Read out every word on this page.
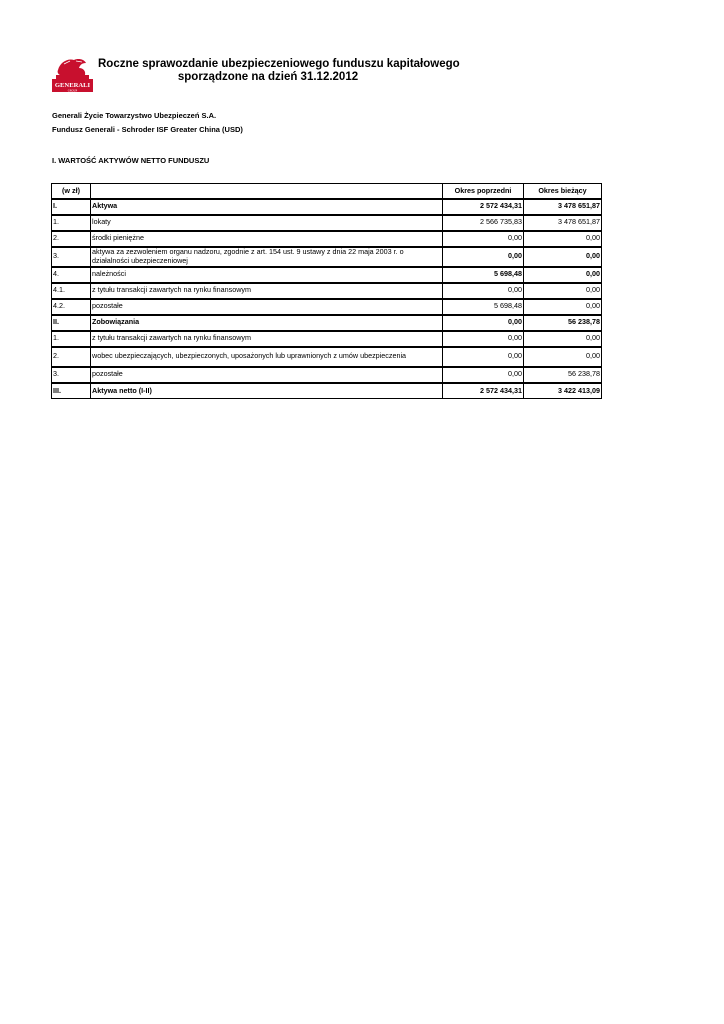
GENERALI
GROUP
Roczne sprawozdanie ubezpieczeniowego funduszu kapitałowego
sporządzone na dzień 31.12.2012
Generali Życie Towarzystwo Ubezpieczeń S.A.
Fundusz Generali - Schroder ISF Greater China (USD)
I. WARTOŚĆ AKTYWÓW NETTO FUNDUSZU
(w zł)		Okres poprzedni	Okres bieżący
I.	Aktywa	2 572 434,31	3 478 651,87
1.	lokaty	2 566 735,83	3 478 651,87
2.	środki pieniężne	0,00	0,00
3.	aktywa za zezwoleniem organu nadzoru, zgodnie z art. 154 ust. 9 ustawy z dnia 22 maja 2003 r. o działalności ubezpieczeniowej	0,00	0,00
4.	należności	5 698,48	0,00
4.1.	z tytułu transakcji zawartych na rynku finansowym	0,00	0,00
4.2.	pozostałe	5 698,48	0,00
II.	Zobowiązania	0,00	56 238,78
1.	z tytułu transakcji zawartych na rynku finansowym	0,00	0,00
2.	wobec ubezpieczających, ubezpieczonych, uposażonych lub uprawnionych z umów ubezpieczenia	0,00	0,00
3.	pozostałe	0,00	56 238,78
III.	Aktywa netto (I-II)	2 572 434,31	3 422 413,09
